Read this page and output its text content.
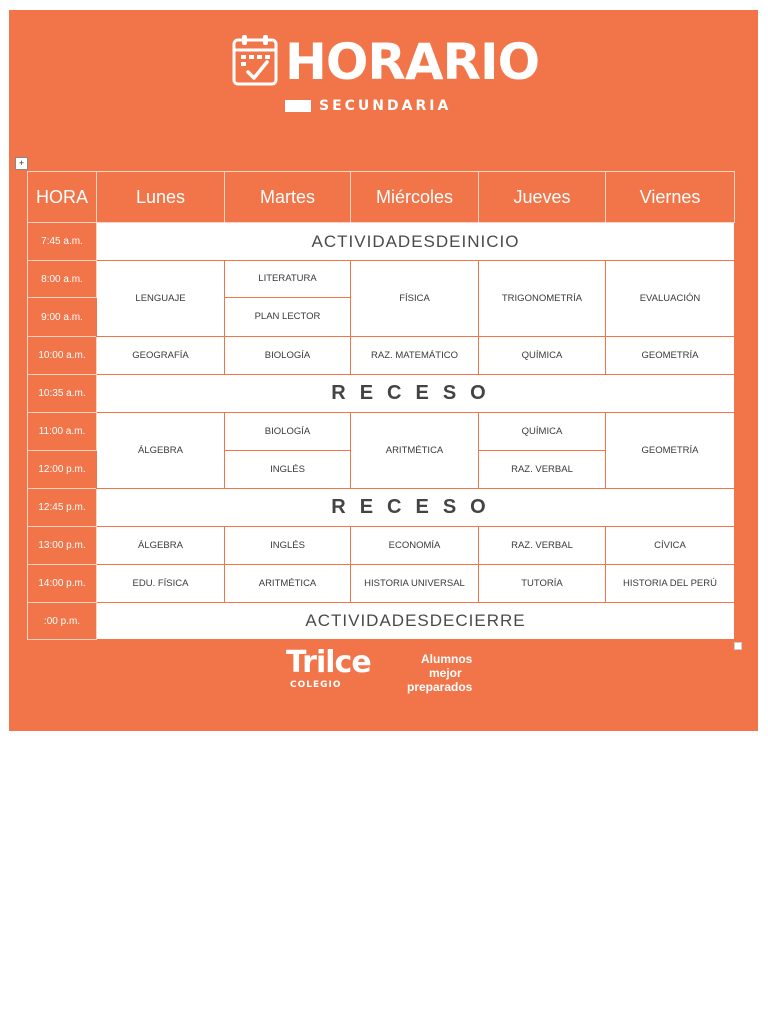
HORARIO
SECUNDARIA
Trilce
COLEGIO
Alumnos
mejor
preparados
+
HORA	Lunes	Martes	Miércoles	Jueves	Viernes
7:45 a.m.	ACTIVIDADESDEINICIO				
8:00 a.m.	LENGUAJE	LITERATURA	FÍSICA	TRIGONOMETRÍA	EVALUACIÓN
9:00 a.m.		PLAN LECTOR			
10:00 a.m.	GEOGRAFÍA	BIOLOGÍA	RAZ. MATEMÁTICO	QUÍMICA	GEOMETRÍA
10:35 a.m.	RECESO				
11:00 a.m.	ÁLGEBRA	BIOLOGÍA	ARITMÉTICA	QUÍMICA	GEOMETRÍA
12:00 p.m.		INGLÉS		RAZ. VERBAL	
12:45 p.m.	RECESO				
13:00 p.m.	ÁLGEBRA	INGLÉS	ECONOMÍA	RAZ. VERBAL	CÍVICA
14:00 p.m.	EDU. FÍSICA	ARITMÉTICA	HISTORIA UNIVERSAL	TUTORÍA	HISTORIA DEL PERÚ
:00 p.m.	ACTIVIDADESDECIERRE				
